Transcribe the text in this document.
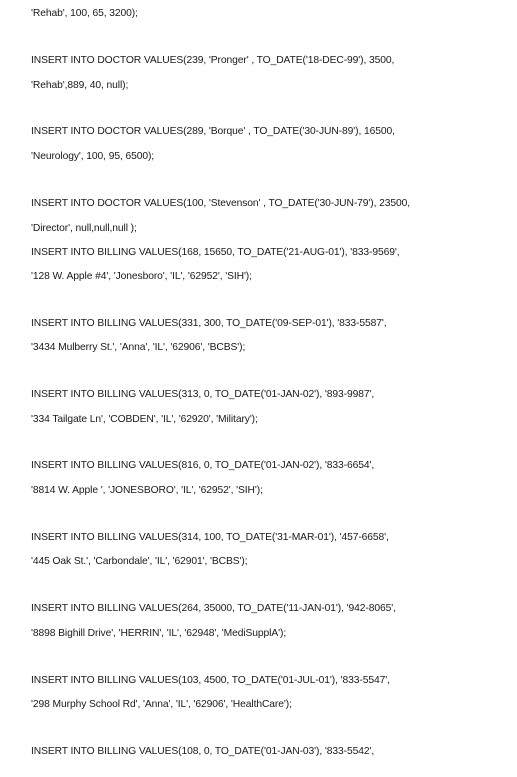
'Rehab', 100, 65, 3200);
INSERT INTO DOCTOR VALUES(239, 'Pronger' , TO_DATE('18-DEC-99'), 3500,
'Rehab',889, 40, null);
INSERT INTO DOCTOR VALUES(289, 'Borque' , TO_DATE('30-JUN-89'), 16500,
'Neurology', 100, 95, 6500);
INSERT INTO DOCTOR VALUES(100, 'Stevenson' , TO_DATE('30-JUN-79'), 23500,
'Director', null,null,null );
INSERT INTO BILLING VALUES(168, 15650, TO_DATE('21-AUG-01'), '833-9569',
'128 W. Apple #4', 'Jonesboro', 'IL', '62952', 'SIH');
INSERT INTO BILLING VALUES(331, 300, TO_DATE('09-SEP-01'), '833-5587',
'3434 Mulberry St.', 'Anna', 'IL', '62906', 'BCBS');
INSERT INTO BILLING VALUES(313, 0, TO_DATE('01-JAN-02'), '893-9987',
'334 Tailgate Ln', 'COBDEN', 'IL', '62920', 'Military');
INSERT INTO BILLING VALUES(816, 0, TO_DATE('01-JAN-02'), '833-6654',
'8814 W. Apple ', 'JONESBORO', 'IL', '62952', 'SIH');
INSERT INTO BILLING VALUES(314, 100, TO_DATE('31-MAR-01'), '457-6658',
'445 Oak St.', 'Carbondale', 'IL', '62901', 'BCBS');
INSERT INTO BILLING VALUES(264, 35000, TO_DATE('11-JAN-01'), '942-8065',
'8898 Bighill Drive', 'HERRIN', 'IL', '62948', 'MediSupplA');
INSERT INTO BILLING VALUES(103, 4500, TO_DATE('01-JUL-01'), '833-5547',
'298 Murphy School Rd', 'Anna', 'IL', '62906', 'HealthCare');
INSERT INTO BILLING VALUES(108, 0, TO_DATE('01-JAN-03'), '833-5542',
